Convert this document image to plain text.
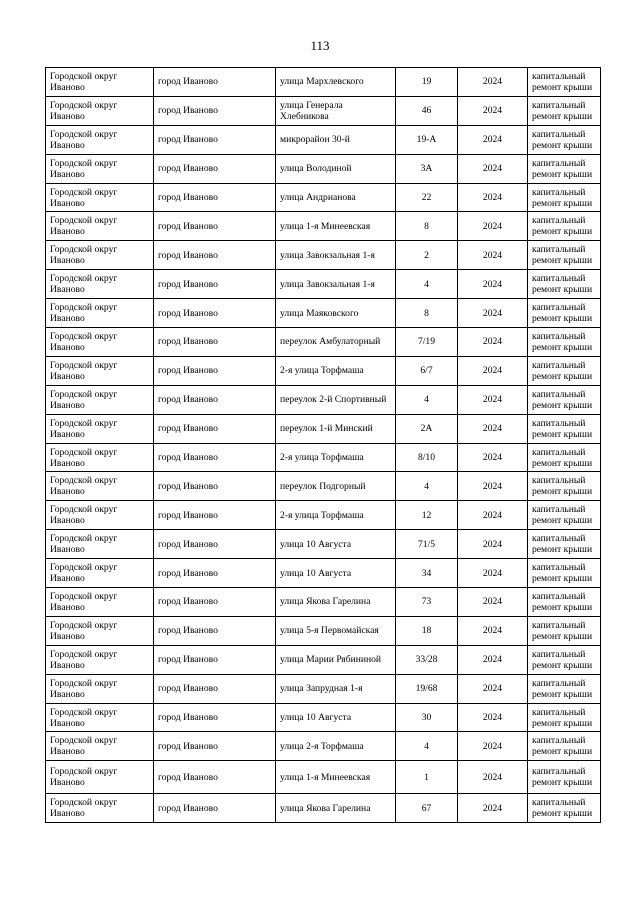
113
Городской округ Иваново	город Иваново	улица Мархлевского	19	2024	капитальный ремонт крыши
Городской округ Иваново	город Иваново	улица Генерала Хлебникова	46	2024	капитальный ремонт крыши
Городской округ Иваново	город Иваново	микрорайон 30-й	19-А	2024	капитальный ремонт крыши
Городской округ Иваново	город Иваново	улица Володиной	3А	2024	капитальный ремонт крыши
Городской округ Иваново	город Иваново	улица Андрианова	22	2024	капитальный ремонт крыши
Городской округ Иваново	город Иваново	улица 1-я Минеевская	8	2024	капитальный ремонт крыши
Городской округ Иваново	город Иваново	улица Завокзальная 1-я	2	2024	капитальный ремонт крыши
Городской округ Иваново	город Иваново	улица Завокзальная 1-я	4	2024	капитальный ремонт крыши
Городской округ Иваново	город Иваново	улица Маяковского	8	2024	капитальный ремонт крыши
Городской округ Иваново	город Иваново	переулок Амбулаторный	7/19	2024	капитальный ремонт крыши
Городской округ Иваново	город Иваново	2-я улица Торфмаша	6/7	2024	капитальный ремонт крыши
Городской округ Иваново	город Иваново	переулок 2-й Спортивный	4	2024	капитальный ремонт крыши
Городской округ Иваново	город Иваново	переулок 1-й Минский	2А	2024	капитальный ремонт крыши
Городской округ Иваново	город Иваново	2-я улица Торфмаша	8/10	2024	капитальный ремонт крыши
Городской округ Иваново	город Иваново	переулок Подгорный	4	2024	капитальный ремонт крыши
Городской округ Иваново	город Иваново	2-я улица Торфмаша	12	2024	капитальный ремонт крыши
Городской округ Иваново	город Иваново	улица 10 Августа	71/5	2024	капитальный ремонт крыши
Городской округ Иваново	город Иваново	улица 10 Августа	34	2024	капитальный ремонт крыши
Городской округ Иваново	город Иваново	улица Якова Гарелина	73	2024	капитальный ремонт крыши
Городской округ Иваново	город Иваново	улица 5-я Первомайская	18	2024	капитальный ремонт крыши
Городской округ Иваново	город Иваново	улица Марии Рябининой	33/28	2024	капитальный ремонт крыши
Городской округ Иваново	город Иваново	улица Запрудная 1-я	19/68	2024	капитальный ремонт крыши
Городской округ Иваново	город Иваново	улица 10 Августа	30	2024	капитальный ремонт крыши
Городской округ Иваново	город Иваново	улица 2-я Торфмаша	4	2024	капитальный ремонт крыши
Городской округ Иваново	город Иваново	улица 1-я Минеевская	1	2024	капитальный ремонт крыши
Городской округ Иваново	город Иваново	улица Якова Гарелина	67	2024	капитальный ремонт крыши
